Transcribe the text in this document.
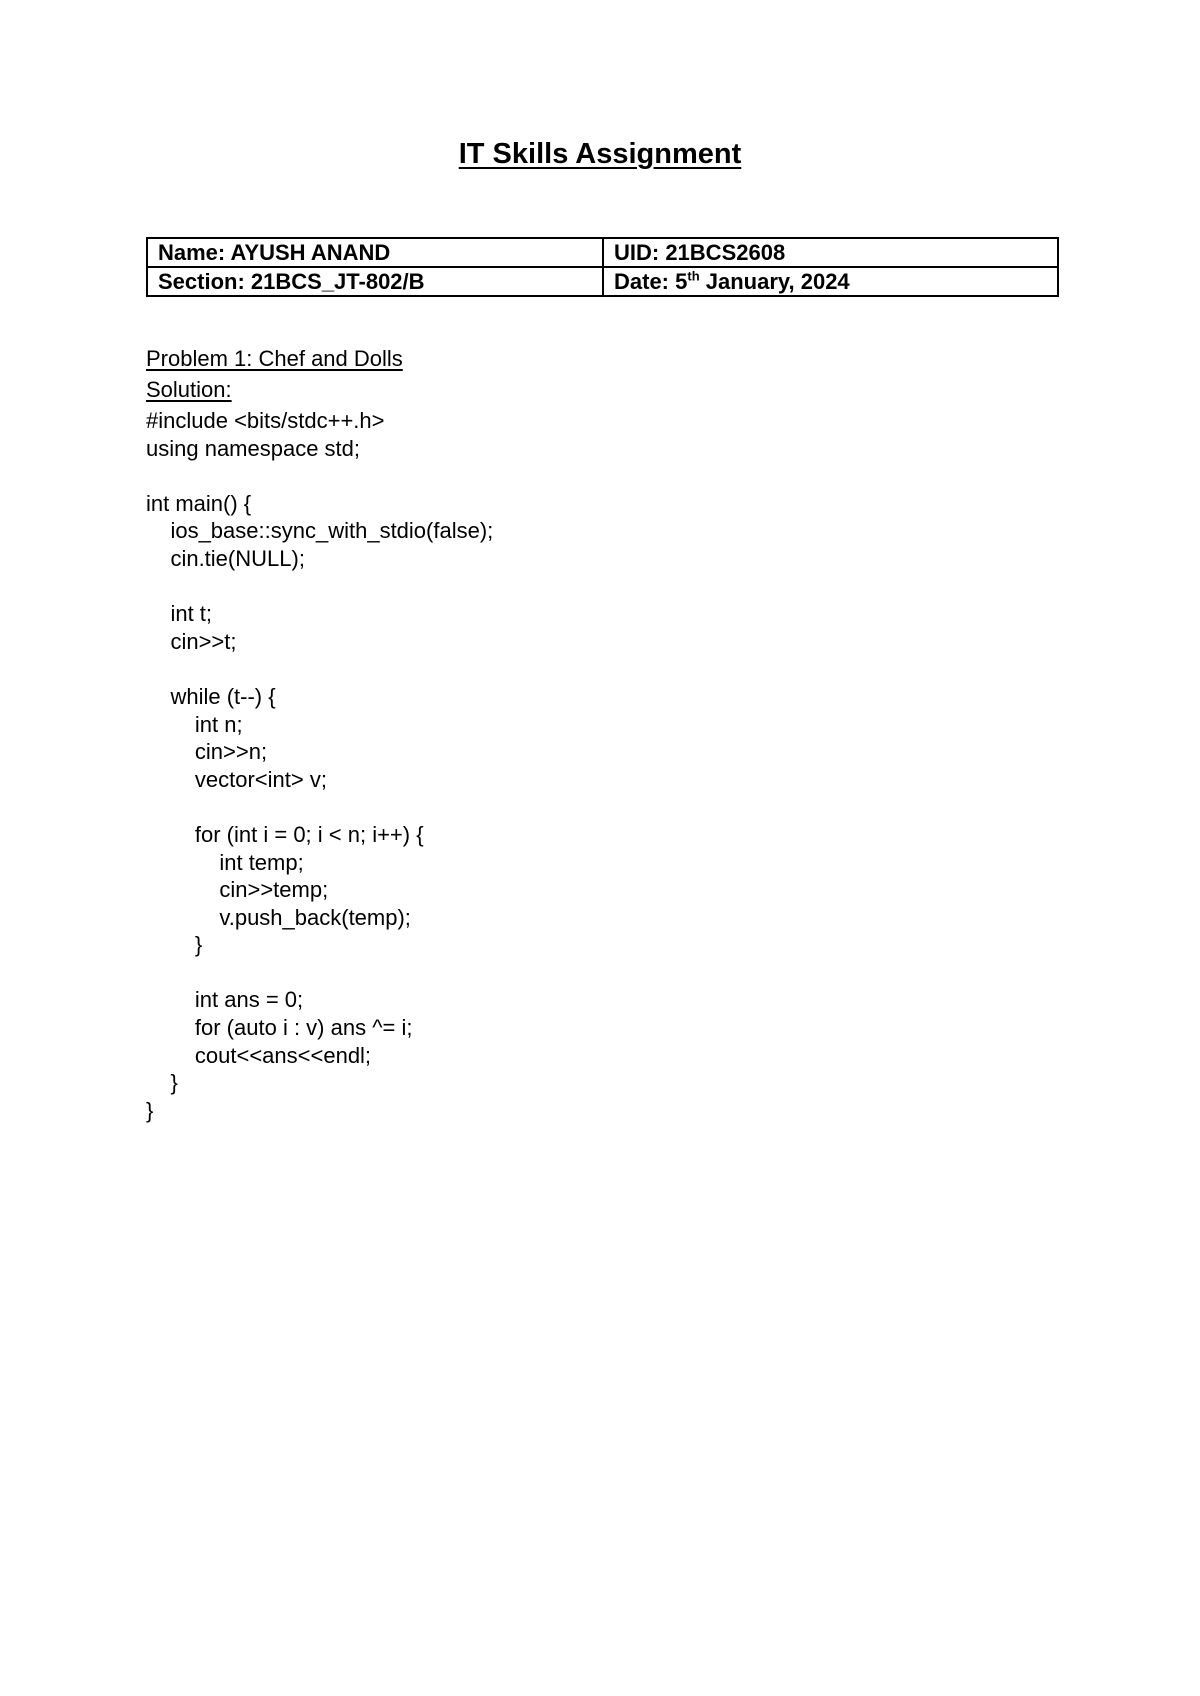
IT Skills Assignment
Name: AYUSH ANAND	UID: 21BCS2608
Section: 21BCS_JT-802/B	Date: 5th January, 2024

Problem 1: Chef and Dolls

Solution:

#include <bits/stdc++.h>
using namespace std;
int main() {
ios_base::sync_with_stdio(false);
cin.tie(NULL);
int t;
cin>>t;
while (t--) {
int n;
cin>>n;
vector<int> v;
for (int i = 0; i < n; i++) {
int temp;
cin>>temp;
v.push_back(temp);
}
int ans = 0;
for (auto i : v) ans ^= i;
cout<<ans<<endl;
}
}
